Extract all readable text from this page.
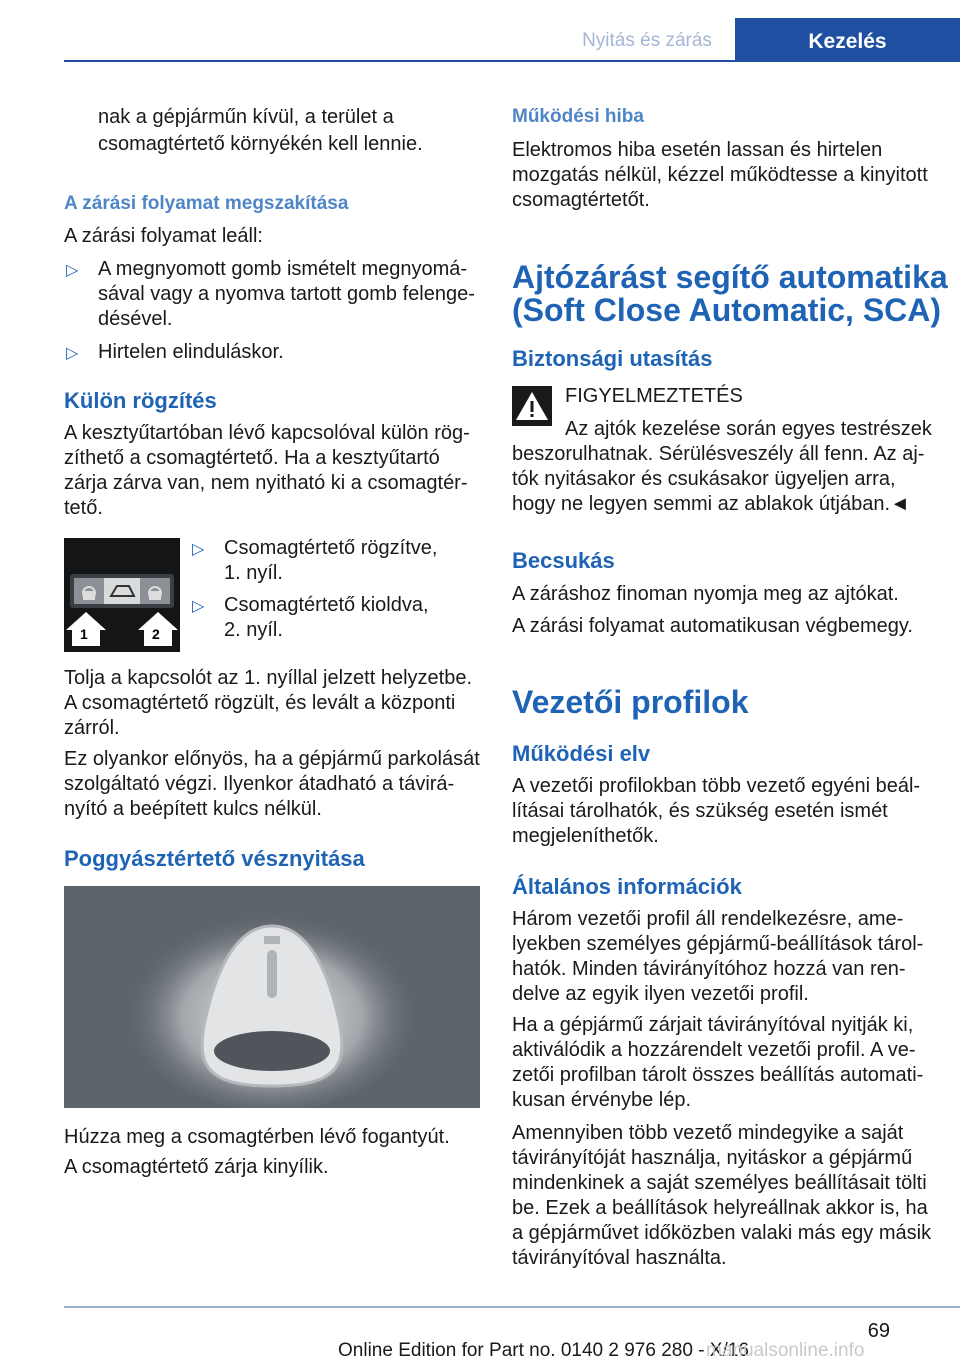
Nyitás és zárás	Kezelés
nak a gépjárműn kívül, a terület a
csomagtértető környékén kell lennie.
A zárási folyamat megszakítása
A zárási folyamat leáll:
▷ A megnyomott gomb ismételt megnyomá-
sával vagy a nyomva tartott gomb felenge-
désével.
▷ Hirtelen elinduláskor.
Külön rögzítés
A kesztyűtartóban lévő kapcsolóval külön rög-
zíthető a csomagtértető. Ha a kesztyűtartó
zárja zárva van, nem nyitható ki a csomagtér-
tető.
1	2
▷ Csomagtértető rögzítve,
1. nyíl.
▷ Csomagtértető kioldva,
2. nyíl.
Tolja a kapcsolót az 1. nyíllal jelzett helyzetbe.
A csomagtértető rögzült, és levált a központi
zárról.
Ez olyankor előnyös, ha a gépjármű parkolását
szolgáltató végzi. Ilyenkor átadható a távirá-
nyító a beépített kulcs nélkül.
Poggyásztértető vésznyitása
Húzza meg a csomagtérben lévő fogantyút.
A csomagtértető zárja kinyílik.
Működési hiba
Elektromos hiba esetén lassan és hirtelen
mozgatás nélkül, kézzel működtesse a kinyitott
csomagtértetőt.
Ajtózárást segítő automatika
(Soft Close Automatic, SCA)
Biztonsági utasítás
FIGYELMEZTETÉS
Az ajtók kezelése során egyes testrészek
beszorulhatnak. Sérülésveszély áll fenn. Az aj-
tók nyitásakor és csukásakor ügyeljen arra,
hogy ne legyen semmi az ablakok útjában.◄
Becsukás
A záráshoz finoman nyomja meg az ajtókat.
A zárási folyamat automatikusan végbemegy.
Vezetői profilok
Működési elv
A vezetői profilokban több vezető egyéni beál-
lításai tárolhatók, és szükség esetén ismét
megjeleníthetők.
Általános információk
Három vezetői profil áll rendelkezésre, ame-
lyekben személyes gépjármű-beállítások tárol-
hatók. Minden távirányítóhoz hozzá van ren-
delve az egyik ilyen vezetői profil.
Ha a gépjármű zárjait távirányítóval nyitják ki,
aktiválódik a hozzárendelt vezetői profil. A ve-
zetői profilban tárolt összes beállítás automati-
kusan érvénybe lép.
Amennyiben több vezető mindegyike a saját
távirányítóját használja, nyitáskor a gépjármű
mindenkinek a saját személyes beállításait tölti
be. Ezek a beállítások helyreállnak akkor is, ha
a gépjárművet időközben valaki más egy másik
távirányítóval használta.
69
Online Edition for Part no. 0140 2 976 280 - X/16
manualsonline.info
